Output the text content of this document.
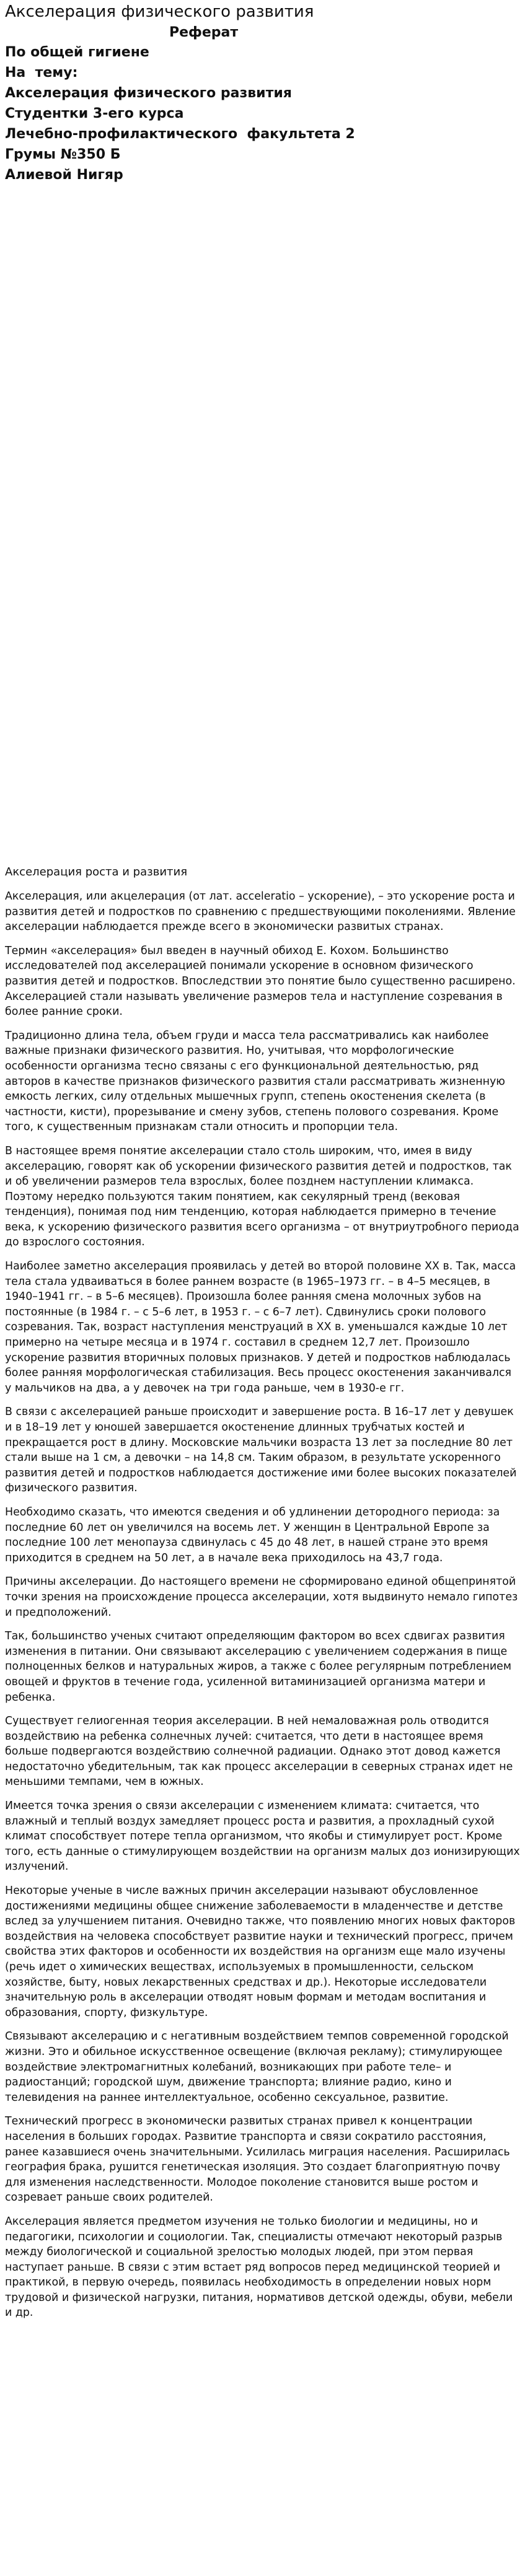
Акселерация физического развития
Реферат

По общей гигиене

На  тему:

Акселерация физического развития

Студентки 3-его курса

Лечебно-профилактического  факультета 2

Грумы №350 Б

Алиевой Нигяр

Акселерация роста и развития

Акселерация, или акцелерация (от лат. acceleratio – ускорение), – это ускорение роста и развития детей и подростков по сравнению с предшествующими поколениями. Явление акселерации наблюдается прежде всего в экономически развитых странах.

Термин «акселерация» был введен в научный обиход Е. Кохом. Большинство исследователей под акселерацией понимали ускорение в основном физического развития детей и подростков. Впоследствии это понятие было существенно расширено. Акселерацией стали называть увеличение размеров тела и наступление созревания в более ранние сроки.

Традиционно длина тела, объем груди и масса тела рассматривались как наиболее важные признаки физического развития. Но, учитывая, что морфологические особенности организма тесно связаны с его функциональной деятельностью, ряд авторов в качестве признаков физического развития стали рассматривать жизненную емкость легких, силу отдельных мышечных групп, степень окостенения скелета (в частности, кисти), прорезывание и смену зубов, степень полового созревания. Кроме того, к существенным признакам стали относить и пропорции тела.

В настоящее время понятие акселерации стало столь широким, что, имея в виду акселерацию, говорят как об ускорении физического развития детей и подростков, так и об увеличении размеров тела взрослых, более позднем наступлении климакса. Поэтому нередко пользуются таким понятием, как секулярный тренд (вековая тенденция), понимая под ним тенденцию, которая наблюдается примерно в течение века, к ускорению физического развития всего организма – от внутриутробного периода до взрослого состояния.

Наиболее заметно акселерация проявилась у детей во второй половине XX в. Так, масса тела стала удваиваться в более раннем возрасте (в 1965–1973 гг. – в 4–5 месяцев, в 1940–1941 гг. – в 5–6 месяцев). Произошла более ранняя смена молочных зубов на постоянные (в 1984 г. – с 5–6 лет, в 1953 г. – с 6–7 лет). Сдвинулись сроки полового созревания. Так, возраст наступления менструаций в XX в. уменьшался каждые 10 лет примерно на четыре месяца и в 1974 г. составил в среднем 12,7 лет. Произошло ускорение развития вторичных половых признаков. У детей и подростков наблюдалась более ранняя морфологическая стабилизация. Весь процесс окостенения заканчивался у мальчиков на два, а у девочек на три года раньше, чем в 1930-е гг.

В связи с акселерацией раньше происходит и завершение роста. В 16–17 лет у девушек и в 18–19 лет у юношей завершается окостенение длинных трубчатых костей и прекращается рост в длину. Московские мальчики возраста 13 лет за последние 80 лет стали выше на 1 см, а девочки – на 14,8 см. Таким образом, в результате ускоренного развития детей и подростков наблюдается достижение ими более высоких показателей физического развития.

Необходимо сказать, что имеются сведения и об удлинении детородного периода: за последние 60 лет он увеличился на восемь лет. У женщин в Центральной Европе за последние 100 лет менопауза сдвинулась с 45 до 48 лет, в нашей стране это время приходится в среднем на 50 лет, а в начале века приходилось на 43,7 года.

Причины акселерации. До настоящего времени не сформировано единой общепринятой точки зрения на происхождение процесса акселерации, хотя выдвинуто немало гипотез и предположений.

Так, большинство ученых считают определяющим фактором во всех сдвигах развития изменения в питании. Они связывают акселерацию с увеличением содержания в пище полноценных белков и натуральных жиров, а также с более регулярным потреблением овощей и фруктов в течение года, усиленной витаминизацией организма матери и ребенка.

Существует гелиогенная теория акселерации. В ней немаловажная роль отводится воздействию на ребенка солнечных лучей: считается, что дети в настоящее время больше подвергаются воздействию солнечной радиации. Однако этот довод кажется недостаточно убедительным, так как процесс акселерации в северных странах идет не меньшими темпами, чем в южных.

Имеется точка зрения о связи акселерации с изменением климата: считается, что влажный и теплый воздух замедляет процесс роста и развития, а прохладный сухой климат способствует потере тепла организмом, что якобы и стимулирует рост. Кроме того, есть данные о стимулирующем воздействии на организм малых доз ионизирующих излучений.

Некоторые ученые в числе важных причин акселерации называют обусловленное достижениями медицины общее снижение заболеваемости в младенчестве и детстве вслед за улучшением питания. Очевидно также, что появлению многих новых факторов воздействия на человека способствует развитие науки и технический прогресс, причем свойства этих факторов и особенности их воздействия на организм еще мало изучены (речь идет о химических веществах, используемых в промышленности, сельском хозяйстве, быту, новых лекарственных средствах и др.). Некоторые исследователи значительную роль в акселерации отводят новым формам и методам воспитания и образования, спорту, физкультуре.

Связывают акселерацию и с негативным воздействием темпов современной городской жизни. Это и обильное искусственное освещение (включая рекламу); стимулирующее воздействие электромагнитных колебаний, возникающих при работе теле– и радиостанций; городской шум, движение транспорта; влияние радио, кино и телевидения на раннее интеллектуальное, особенно сексуальное, развитие.

Технический прогресс в экономически развитых странах привел к концентрации населения в больших городах. Развитие транспорта и связи сократило расстояния, ранее казавшиеся очень значительными. Усилилась миграция населения. Расширилась география брака, рушится генетическая изоляция. Это создает благоприятную почву для изменения наследственности. Молодое поколение становится выше ростом и созревает раньше своих родителей.

Акселерация является предметом изучения не только биологии и медицины, но и педагогики, психологии и социологии. Так, специалисты отмечают некоторый разрыв между биологической и социальной зрелостью молодых людей, при этом первая наступает раньше. В связи с этим встает ряд вопросов перед медицинской теорией и практикой, в первую очередь, появилась необходимость в определении новых норм трудовой и физической нагрузки, питания, нормативов детской одежды, обуви, мебели и др.
